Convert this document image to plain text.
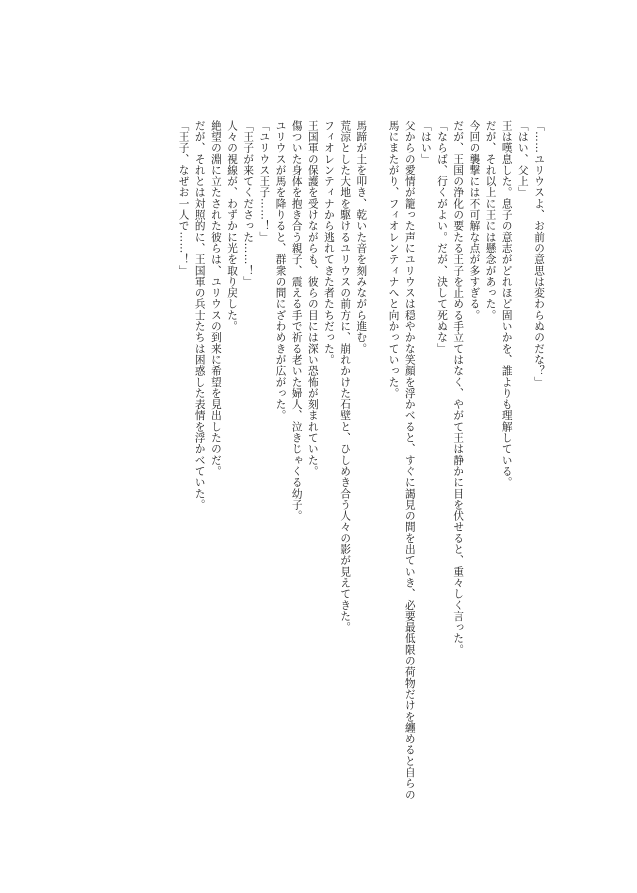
「……ユリウスよ、お前の意思は変わらぬのだな？」
「はい、父上」
王は嘆息した。息子の意志がどれほど固いかを、誰よりも理解している。
だが、それ以上に王には懸念があった。
今回の襲撃には不可解な点が多すぎる。
だが、王国の浄化の要たる王子を止める手立てはなく、やがて王は静かに目を伏せると、重々しく言った。
「ならば、行くがよい。だが、決して死ぬな」
「はい」
父からの愛情が籠った声にユリウスは穏やかな笑顔を浮かべると、すぐに謁見の間を出ていき、必要最低限の荷物だけを纏めると自らの
馬にまたがり、フィオレンティナへと向かっていった。

馬蹄が土を叩き、乾いた音を刻みながら進む。
荒涼とした大地を駆けるユリウスの前方に、崩れかけた石壁と、ひしめき合う人々の影が見えてきた。
フィオレンティナから逃れてきた者たちだった。
王国軍の保護を受けながらも、彼らの目には深い恐怖が刻まれていた。
傷ついた身体を抱き合う親子、震える手で祈る老いた婦人、泣きじゃくる幼子。
ユリウスが馬を降りると、群衆の間にざわめきが広がった。
「ユリウス王子……！」
「王子が来てくださった……！」
人々の視線が、わずかに光を取り戻した。
絶望の淵に立たされた彼らは、ユリウスの到来に希望を見出したのだ。
だが、それとは対照的に、王国軍の兵士たちは困惑した表情を浮かべていた。
「王子、なぜお一人で……！」
